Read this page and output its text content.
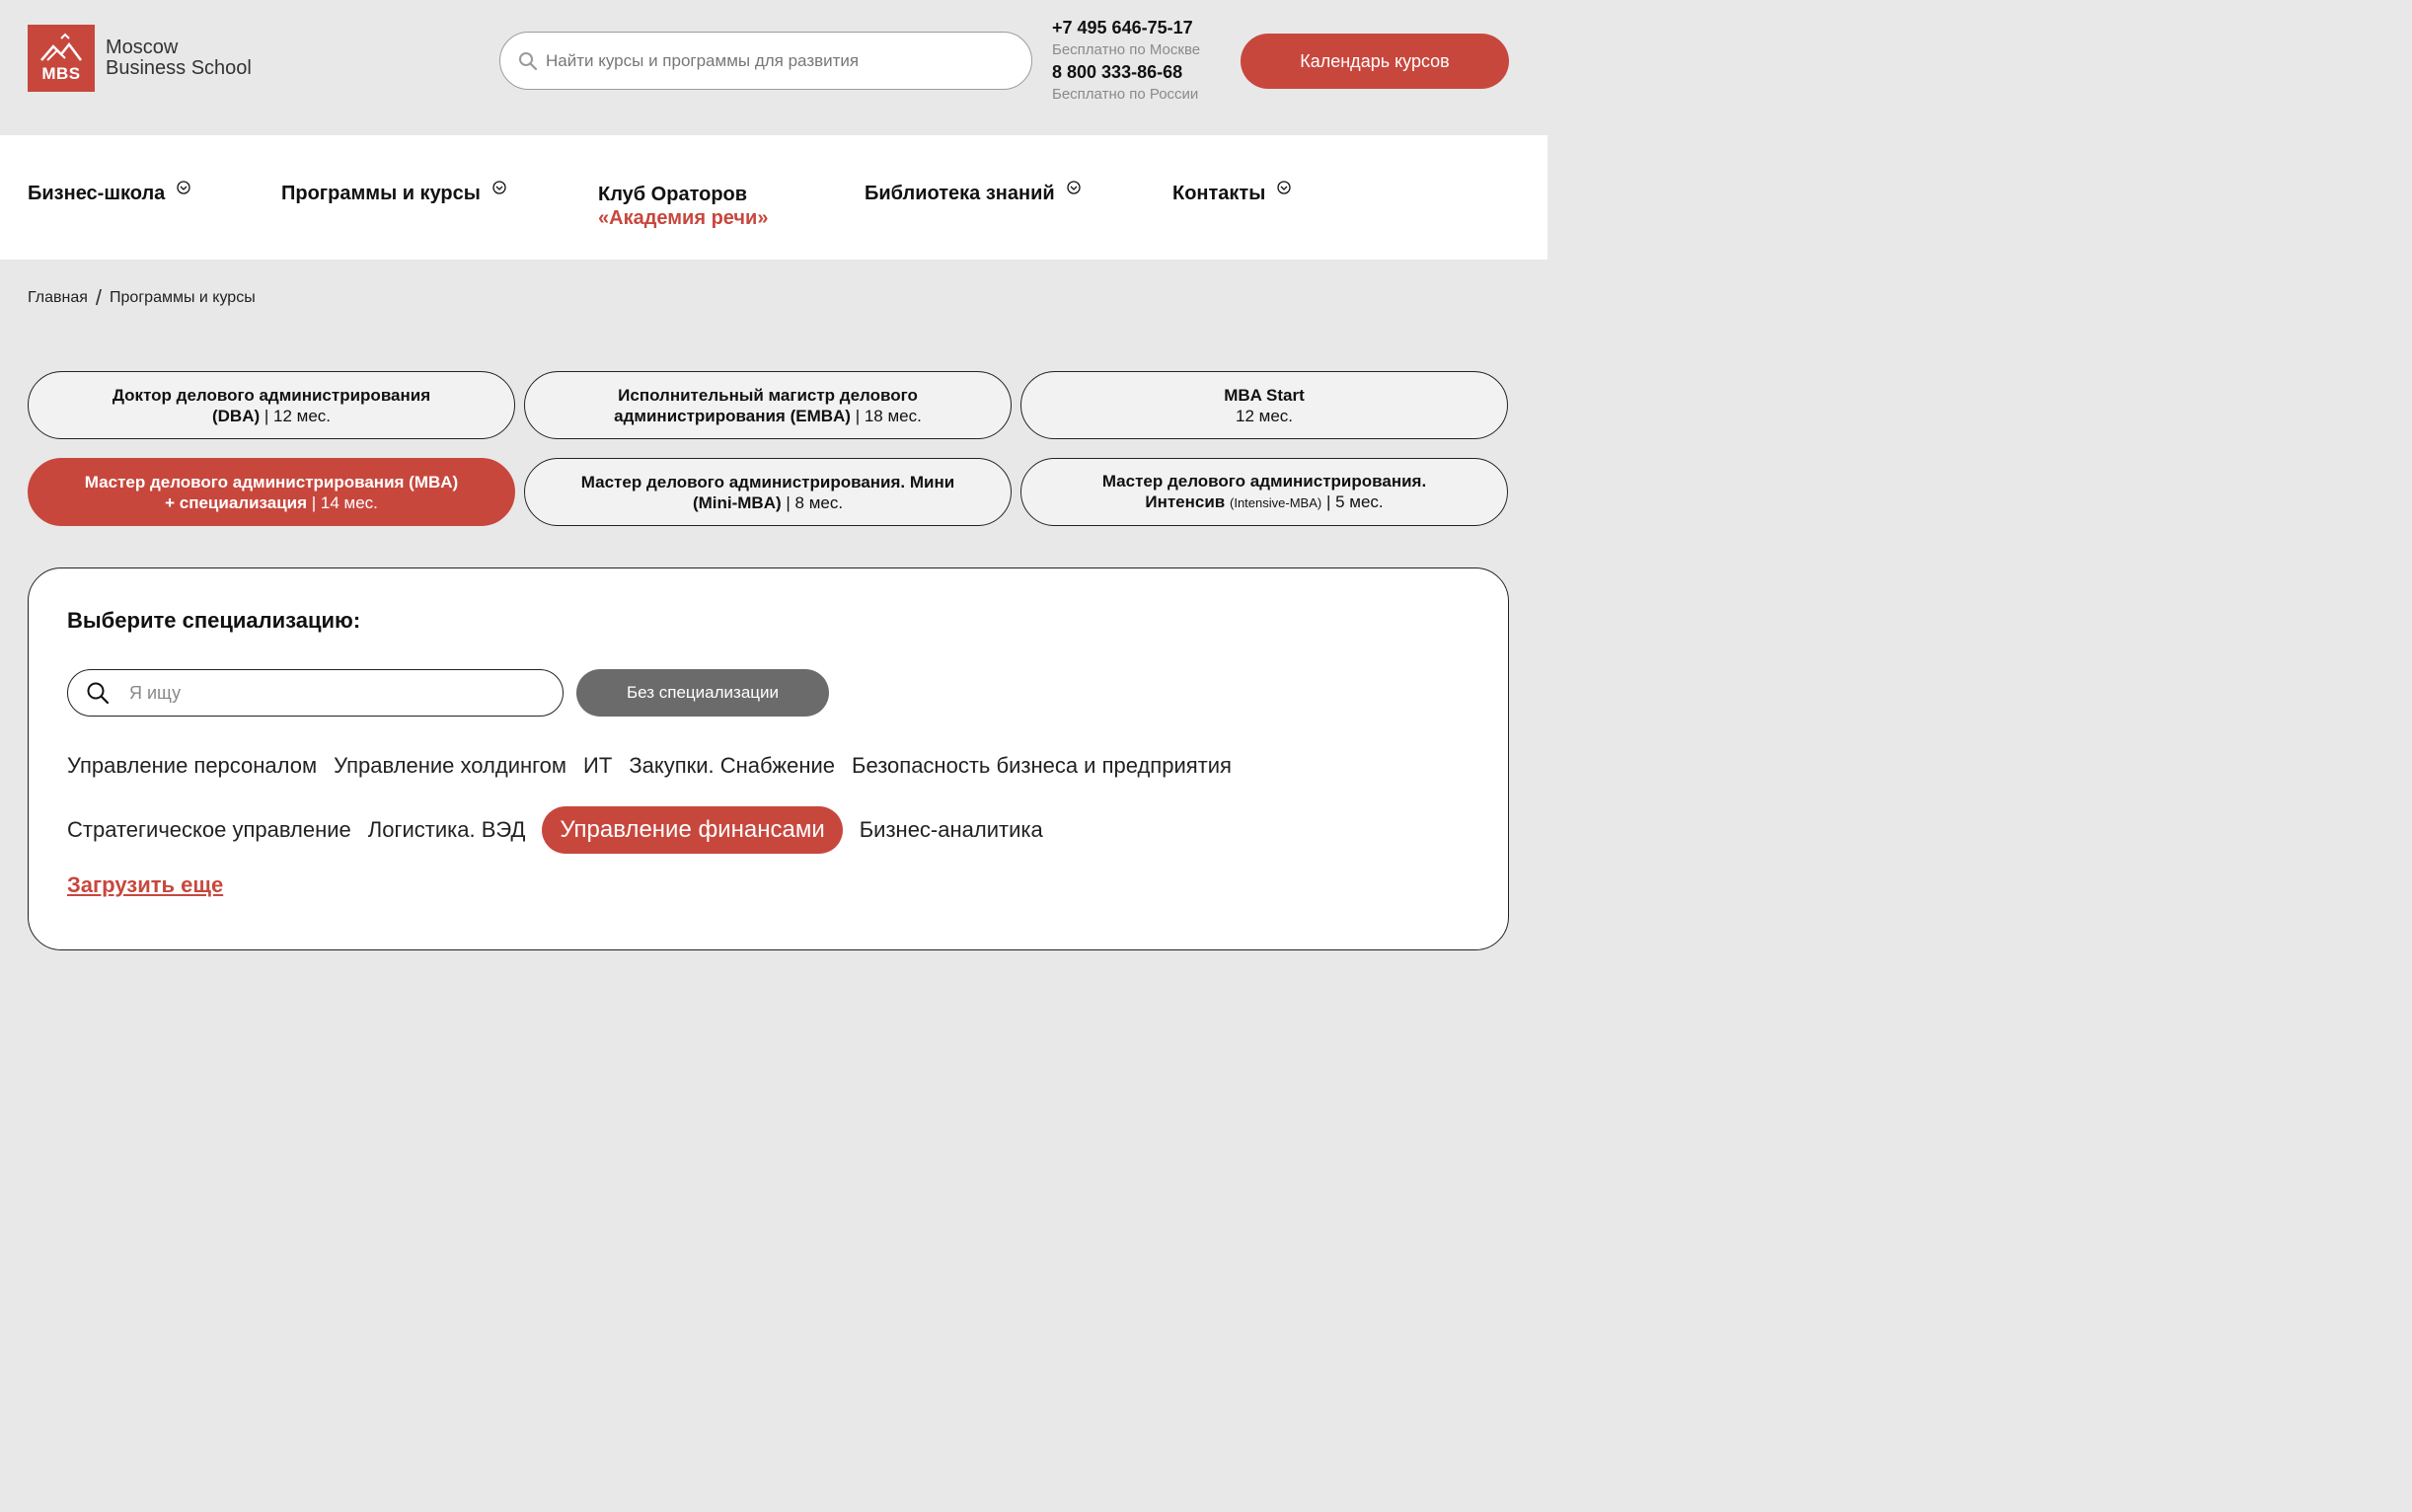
MBS
Moscow
Business School
Найти курсы и программы для развития
+7 495 646-75-17
Бесплатно по Москве
8 800 333-86-68
Бесплатно по России
Календарь курсов
Бизнес-школа	Программы и курсы	Клуб Ораторов
«Академия речи»
Библиотека знаний	Контакты
Главная / Программы и курсы
Доктор делового администрирования
(DBA) | 12 мес.
Исполнительный магистр делового
администрирования (EMBA) | 18 мес.
MBA Start
12 мес.
Мастер делового администрирования (MBA)
+ специализация | 14 мес.
Мастер делового администрирования. Мини
(Mini-MBA) | 8 мес.
Мастер делового администрирования.
Интенсив (Intensive-MBA) | 5 мес.
Выберите специализацию:
Я ищу
Без специализации
Управление персоналом Управление холдингом ИТ Закупки. Снабжение Безопасность бизнеса и предприятия
Стратегическое управление Логистика. ВЭД	Управление финансами	Бизнес-аналитика
Загрузить еще
